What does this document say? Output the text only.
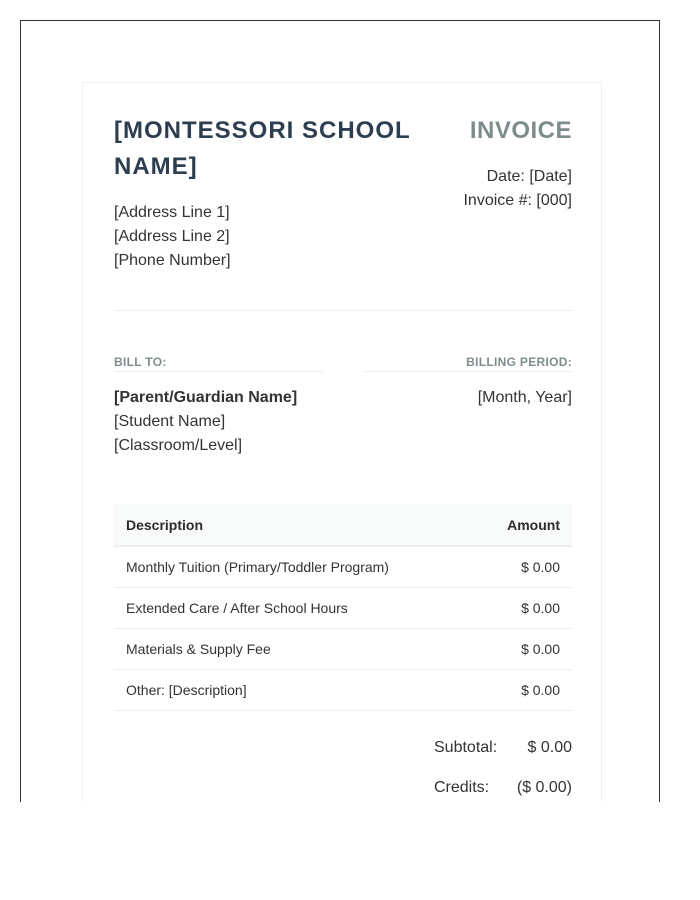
[MONTESSORI SCHOOL NAME]
[Address Line 1]
[Address Line 2]
[Phone Number]
INVOICE
Date: [Date]
Invoice #: [000]
BILL TO:	BILLING PERIOD:
[Parent/Guardian Name]
[Student Name]
[Classroom/Level]
[Month, Year]
Description	Amount
Monthly Tuition (Primary/Toddler Program)	$ 0.00
Extended Care / After School Hours	$ 0.00
Materials & Supply Fee	$ 0.00
Other: [Description]	$ 0.00
Subtotal: $ 0.00
Credits: ($ 0.00)
